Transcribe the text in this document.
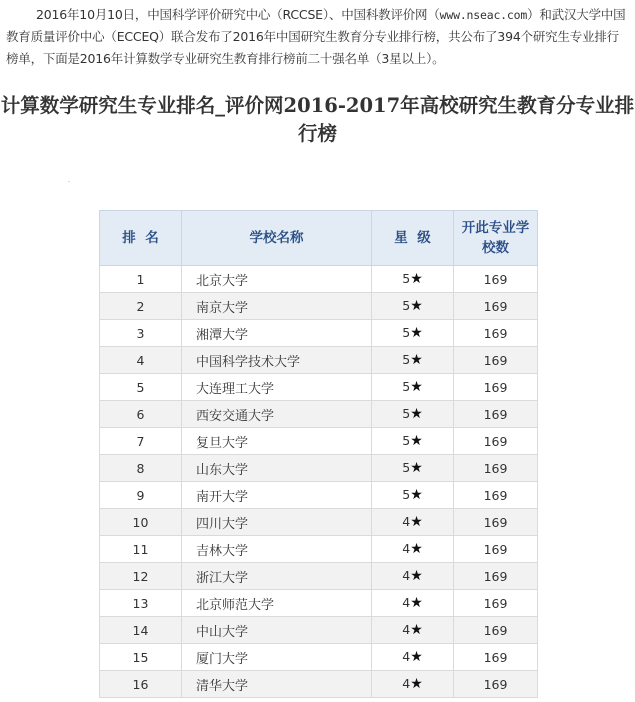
2016年10月10日，中国科学评价研究中心（RCCSE）、中国科教评价网（www.nseac.com）和武汉大学中国教育质量评价中心（ECCEQ）联合发布了2016年中国研究生教育分专业排行榜，共公布了394个研究生专业排行榜单，下面是2016年计算数学专业研究生教育排行榜前二十强名单（3星以上）。
计算数学研究生专业排名_评价网2016-2017年高校研究生教育分专业排行榜
排  名	学校名称	星  级	开此专业学校数
1	北京大学	5★	169
2	南京大学	5★	169
3	湘潭大学	5★	169
4	中国科学技术大学	5★	169
5	大连理工大学	5★	169
6	西安交通大学	5★	169
7	复旦大学	5★	169
8	山东大学	5★	169
9	南开大学	5★	169
10	四川大学	4★	169
11	吉林大学	4★	169
12	浙江大学	4★	169
13	北京师范大学	4★	169
14	中山大学	4★	169
15	厦门大学	4★	169
16	清华大学	4★	169
